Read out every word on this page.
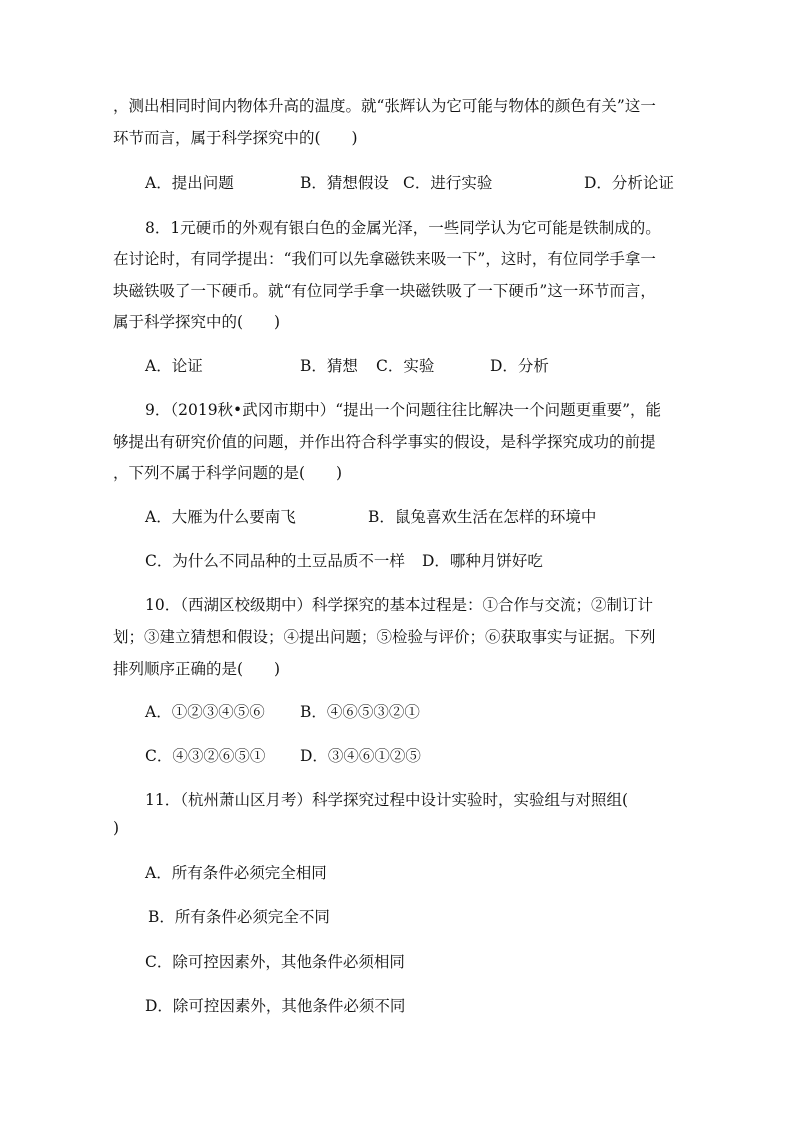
，测出相同时间内物体升高的温度。就“张辉认为它可能与物体的颜色有关”这一
环节而言，属于科学探究中的(　　)
A．提出问题	B．猜想假设 C．进行实验	D．分析论证
8．1元硬币的外观有银白色的金属光泽，一些同学认为它可能是铁制成的。
在讨论时，有同学提出：“我们可以先拿磁铁来吸一下”，这时，有位同学手拿一
块磁铁吸了一下硬币。就“有位同学手拿一块磁铁吸了一下硬币”这一环节而言，
属于科学探究中的(　　)
A．论证	B．猜想 C．实验	D．分析
9．（2019秋•武冈市期中）“提出一个问题往往比解决一个问题更重要”，能
够提出有研究价值的问题，并作出符合科学事实的假设，是科学探究成功的前提
，下列不属于科学问题的是(　　)
A．大雁为什么要南飞	B．鼠兔喜欢生活在怎样的环境中
C．为什么不同品种的土豆品质不一样 D．哪种月饼好吃
10．（西湖区校级期中）科学探究的基本过程是：①合作与交流；②制订计
划；③建立猜想和假设；④提出问题；⑤检验与评价；⑥获取事实与证据。下列
排列顺序正确的是(　　)
A．①②③④⑤⑥ B．④⑥⑤③②①
C．④③②⑥⑤① D．③④⑥①②⑤
11．（杭州萧山区月考）科学探究过程中设计实验时，实验组与对照组(
)
A．所有条件必须完全相同
B．所有条件必须完全不同
C．除可控因素外，其他条件必须相同
D．除可控因素外，其他条件必须不同
